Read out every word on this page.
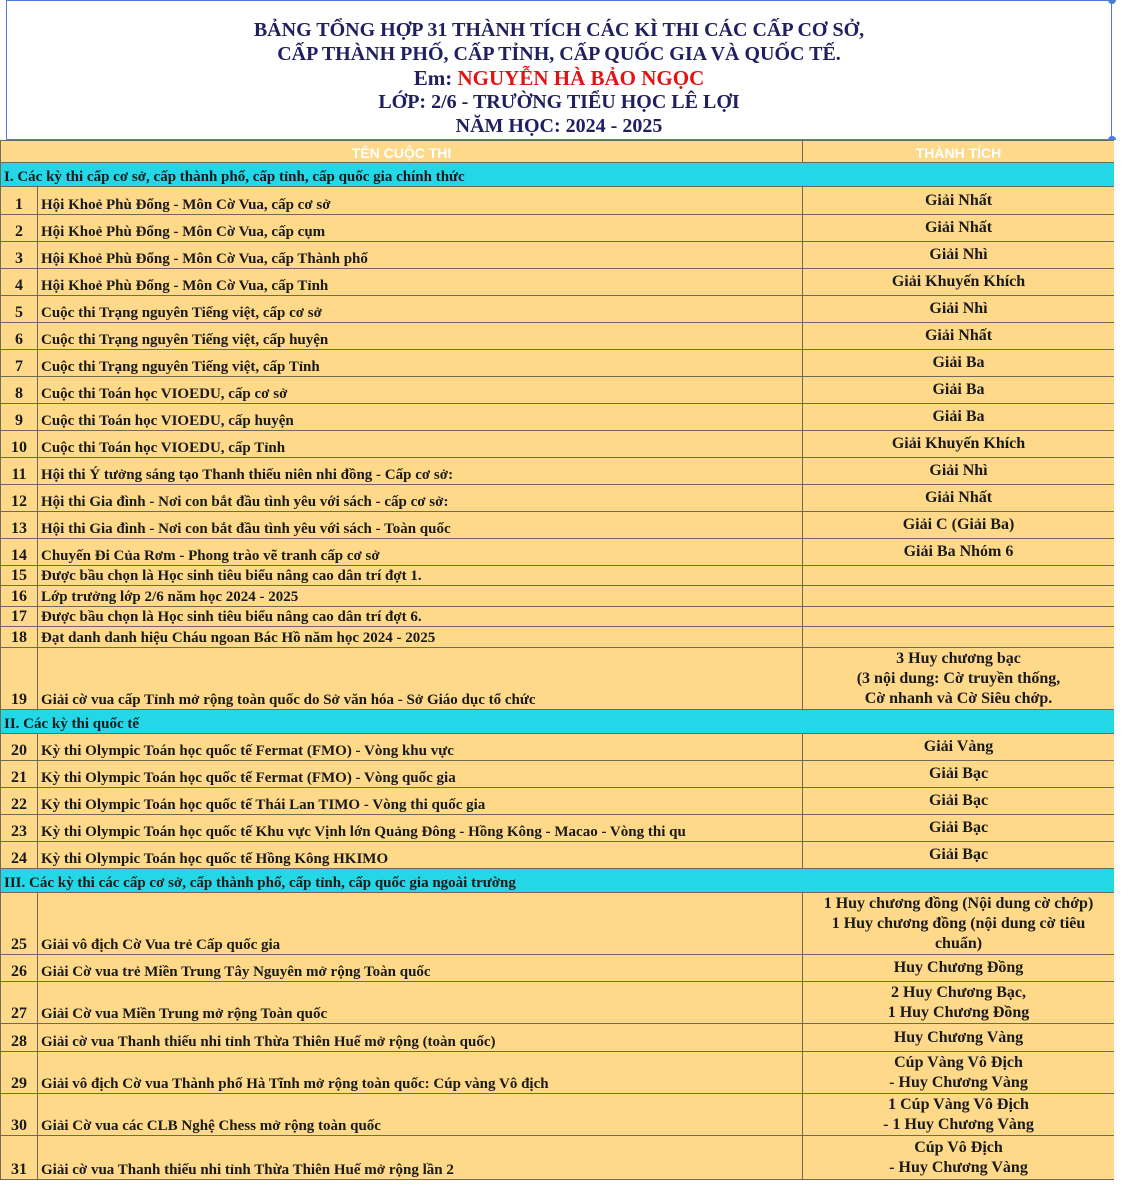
BẢNG TỔNG HỢP 31 THÀNH TÍCH CÁC KÌ THI CÁC CẤP CƠ SỞ,
CẤP THÀNH PHỐ, CẤP TỈNH, CẤP QUỐC GIA VÀ QUỐC TẾ.
Em: NGUYỄN HÀ BẢO NGỌC
LỚP: 2/6 - TRƯỜNG TIỂU HỌC LÊ LỢI
NĂM HỌC: 2024 - 2025
TÊN CUỘC THI		THÀNH TÍCH
I. Các kỳ thi cấp cơ sở, cấp thành phố, cấp tỉnh, cấp quốc gia chính thức		
1	Hội Khoẻ Phù Đổng - Môn Cờ Vua, cấp cơ sở	Giải Nhất
2	Hội Khoẻ Phù Đổng - Môn Cờ Vua, cấp cụm	Giải Nhất
3	Hội Khoẻ Phù Đổng - Môn Cờ Vua, cấp Thành phố	Giải Nhì
4	Hội Khoẻ Phù Đổng - Môn Cờ Vua, cấp Tỉnh	Giải Khuyến Khích
5	Cuộc thi Trạng nguyên Tiếng việt, cấp cơ sở	Giải Nhì
6	Cuộc thi Trạng nguyên Tiếng việt, cấp huyện	Giải Nhất
7	Cuộc thi Trạng nguyên Tiếng việt, cấp Tỉnh	Giải Ba
8	Cuộc thi Toán học VIOEDU, cấp cơ sở	Giải Ba
9	Cuộc thi Toán học VIOEDU, cấp huyện	Giải Ba
10	Cuộc thi Toán học VIOEDU, cấp Tỉnh	Giải Khuyến Khích
11	Hội thi Ý tưởng sáng tạo Thanh thiếu niên nhi đồng - Cấp cơ sở:	Giải Nhì
12	Hội thi Gia đình - Nơi con bắt đầu tình yêu với sách - cấp cơ sở:	Giải Nhất
13	Hội thi Gia đình - Nơi con bắt đầu tình yêu với sách - Toàn quốc	Giải C (Giải Ba)
14	Chuyến Đi Của Rơm - Phong trào vẽ tranh cấp cơ sở	Giải Ba Nhóm 6
15	Được bầu chọn là Học sinh tiêu biểu nâng cao dân trí đợt 1.	
16	Lớp trưởng lớp 2/6 năm học 2024 - 2025	
17	Được bầu chọn là Học sinh tiêu biểu nâng cao dân trí đợt 6.	
18	Đạt danh danh hiệu Cháu ngoan Bác Hồ năm học 2024 - 2025	
19	Giải cờ vua cấp Tỉnh mở rộng toàn quốc do Sở văn hóa - Sở Giáo dục tổ chức	3 Huy chương bạc
(3 nội dung: Cờ truyền thống,
Cờ nhanh và Cờ Siêu chớp.

II. Các kỳ thi quốc tế		
20	Kỳ thi Olympic Toán học quốc tế Fermat (FMO) - Vòng khu vực	Giải Vàng
21	Kỳ thi Olympic Toán học quốc tế Fermat (FMO) - Vòng quốc gia	Giải Bạc
22	Kỳ thi Olympic Toán học quốc tế Thái Lan TIMO - Vòng thi quốc gia	Giải Bạc
23	Kỳ thi Olympic Toán học quốc tế Khu vực Vịnh lớn Quảng Đông - Hồng Kông - Macao - Vòng thi qu	Giải Bạc
24	Kỳ thi Olympic Toán học quốc tế Hồng Kông HKIMO	Giải Bạc
III. Các kỳ thi các cấp cơ sở, cấp thành phố, cấp tỉnh, cấp quốc gia ngoài trường		
25	Giải vô địch Cờ Vua trẻ Cấp quốc gia	1 Huy chương đồng (Nội dung cờ chớp)
1 Huy chương đồng (nội dung cờ tiêu
chuẩn)

26	Giải Cờ vua trẻ Miền Trung Tây Nguyên mở rộng Toàn quốc	Huy Chương Đồng
27	Giải Cờ vua Miền Trung mở rộng Toàn quốc	2 Huy Chương Bạc,
1 Huy Chương Đồng

28	Giải cờ vua Thanh thiếu nhi tỉnh Thừa Thiên Huế mở rộng (toàn quốc)	Huy Chương Vàng
29	Giải vô địch Cờ vua Thành phố Hà Tĩnh mở rộng toàn quốc: Cúp vàng Vô địch	Cúp Vàng Vô Địch
- Huy Chương Vàng

30	Giải Cờ vua các CLB Nghệ Chess mở rộng toàn quốc	1 Cúp Vàng Vô Địch
- 1 Huy Chương Vàng

31	Giải cờ vua Thanh thiếu nhi tỉnh Thừa Thiên Huế mở rộng lần 2	Cúp Vô Địch
- Huy Chương Vàng
